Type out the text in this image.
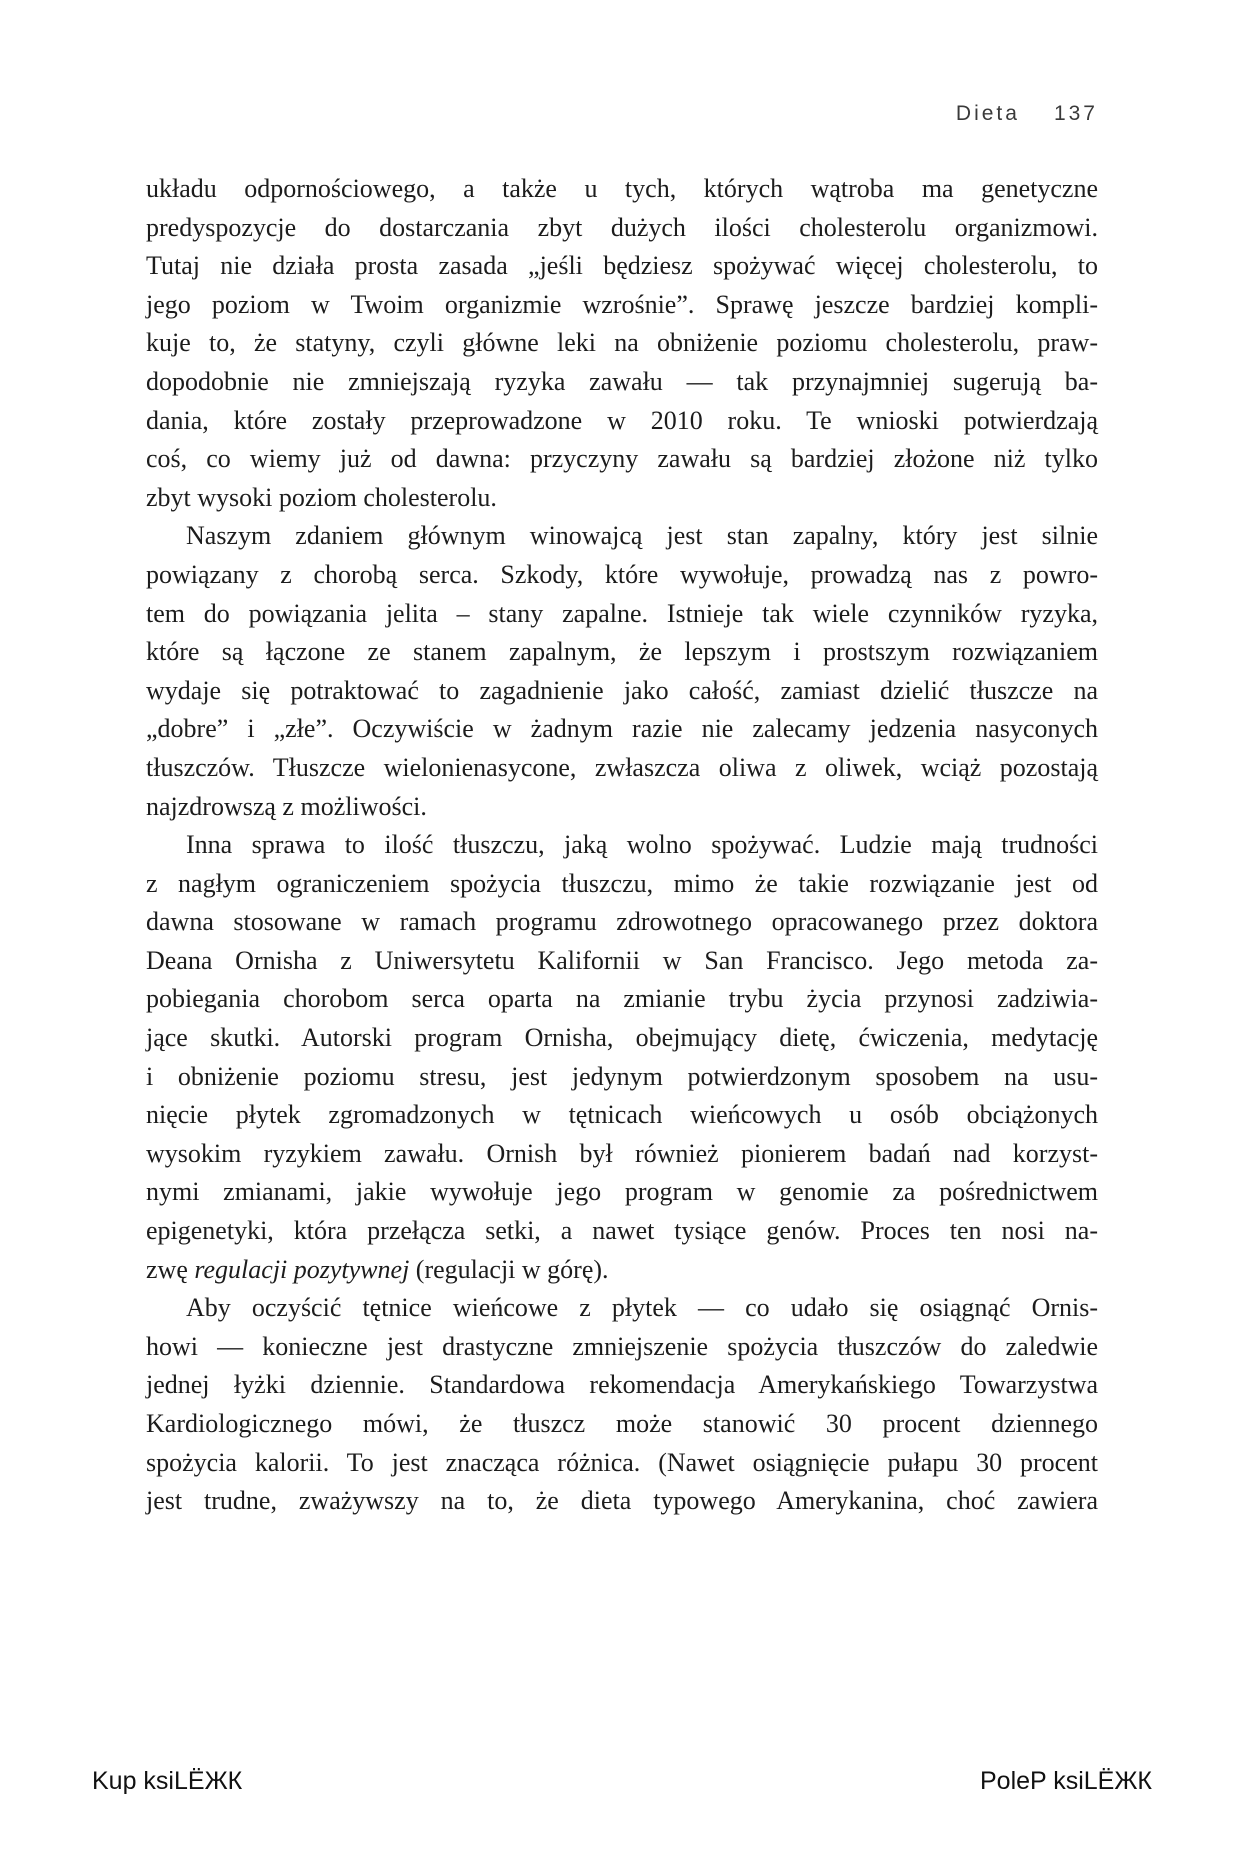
Dieta 137

układu odpornościowego, a także u tych, których wątroba ma genetyczne
predyspozycje do dostarczania zbyt dużych ilości cholesterolu organizmowi.
Tutaj nie działa prosta zasada „jeśli będziesz spożywać więcej cholesterolu, to
jego poziom w Twoim organizmie wzrośnie”. Sprawę jeszcze bardziej kompli-
kuje to, że statyny, czyli główne leki na obniżenie poziomu cholesterolu, praw-
dopodobnie nie zmniejszają ryzyka zawału — tak przynajmniej sugerują ba-
dania, które zostały przeprowadzone w 2010 roku. Te wnioski potwierdzają
coś, co wiemy już od dawna: przyczyny zawału są bardziej złożone niż tylko
zbyt wysoki poziom cholesterolu.

Naszym zdaniem głównym winowajcą jest stan zapalny, który jest silnie
powiązany z chorobą serca. Szkody, które wywołuje, prowadzą nas z powro-
tem do powiązania jelita – stany zapalne. Istnieje tak wiele czynników ryzyka,
które są łączone ze stanem zapalnym, że lepszym i prostszym rozwiązaniem
wydaje się potraktować to zagadnienie jako całość, zamiast dzielić tłuszcze na
„dobre” i „złe”. Oczywiście w żadnym razie nie zalecamy jedzenia nasyconych
tłuszczów. Tłuszcze wielonienasycone, zwłaszcza oliwa z oliwek, wciąż pozostają
najzdrowszą z możliwości.

Inna sprawa to ilość tłuszczu, jaką wolno spożywać. Ludzie mają trudności
z nagłym ograniczeniem spożycia tłuszczu, mimo że takie rozwiązanie jest od
dawna stosowane w ramach programu zdrowotnego opracowanego przez doktora
Deana Ornisha z Uniwersytetu Kalifornii w San Francisco. Jego metoda za-
pobiegania chorobom serca oparta na zmianie trybu życia przynosi zadziwia-
jące skutki. Autorski program Ornisha, obejmujący dietę, ćwiczenia, medytację
i obniżenie poziomu stresu, jest jedynym potwierdzonym sposobem na usu-
nięcie płytek zgromadzonych w tętnicach wieńcowych u osób obciążonych
wysokim ryzykiem zawału. Ornish był również pionierem badań nad korzyst-
nymi zmianami, jakie wywołuje jego program w genomie za pośrednictwem
epigenetyki, która przełącza setki, a nawet tysiące genów. Proces ten nosi na-
zwę regulacji pozytywnej (regulacji w górę).

Aby oczyścić tętnice wieńcowe z płytek — co udało się osiągnąć Ornis-
howi — konieczne jest drastyczne zmniejszenie spożycia tłuszczów do zaledwie
jednej łyżki dziennie. Standardowa rekomendacja Amerykańskiego Towarzystwa
Kardiologicznego mówi, że tłuszcz może stanowić 30 procent dziennego
spożycia kalorii. To jest znacząca różnica. (Nawet osiągnięcie pułapu 30 procent
jest trudne, zważywszy na to, że dieta typowego Amerykanina, choć zawiera

Kup ksiLЁЖК	PoleP ksiLЁЖК
